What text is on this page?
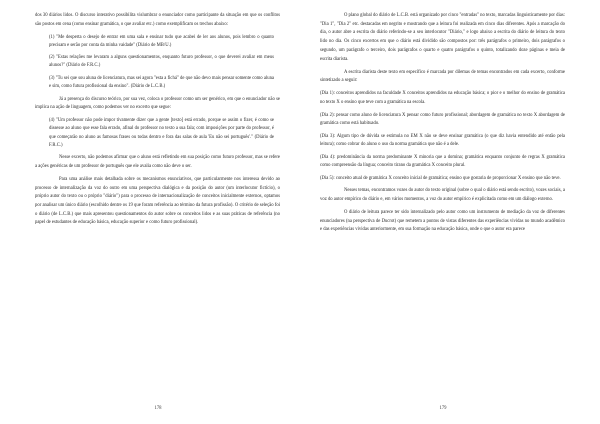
dos 30 diários lidos. O discurso interativo possibilita vislumbrar o enunciador como participante da situação em que os conflitos são postos em cena (como ensinar gramática, o que avaliar etc.) como exemplificam os trechos abaixo:

(1) "Me desperta o desejo de entrar em uma sala e ensinar tudo que acabei de ler aos alunos, pois lembro o quanto precisam e serão por conta da minha vaidade" (Diário de MB/U.)

(2) "Estas relações me levaram a alguns questionamentos, enquanto futuro professor, o que deverei avaliar em meus alunos?" (Diário de F.R.C.)

(3) "Tu sei que sou aluna de licenciatura, mas sei agora "esta a fichá" de que não devo mais pensar somente como aluna e sim, como futura profissional da ensino". (Diário de L.C.B.)

Já a presença do discurso teórico, por sua vez, coloca o professor como um ser genérico, em que o enunciador não se implica na ação de linguagem, como podemos ver no excerto que segue:

(4) "Um professor não pode impor tivamente dizer que a gente [texto] está errado, porque se assim o fizer, é como se dissesse ao aluno que esse fala errado, afinal do professor no texto a sua fala; com imposições por parte do professor, é que começarão no aluno as famosas frases ou todas dentro e fora das salas de aula 'Eu não sei português'." (Diário de F.R.C.)

Nesse excerto, não podemos afirmar que o aluno está refletindo em sua posição como futuro professor, mas se refere a ações genéricas de um professor de português que ele avalia como não deve o ser.

Para uma análise mais detalhada sobre os mecanismos enunciativos, que particularmente nos interessa devido ao processo de internalização da voz do outro em uma perspectiva dialógica e da posição do autor (um interlocutor fictício), o próprio autor do texto ou o próprio "diário") para o processo de internacionalização de conceitos inicialmente externos, optamos por analisar um único diário (escolhido dentre os 19 que foram referência ao término da futura profissão). O critério de seleção foi o diário (de L.C.B.) que mais apresentou questionamentos do autor sobre os conceitos lidos e as suas práticas de referência (no papel de estudantes de educação básica, educação superior e como futuro profissional).

O plano global do diário de L.C.B. está organizado por cinco "entradas" no texto, marcadas linguisticamente por dias: "Dia 1", "Dia 2" etc. destacadas em negrito e mostrando que a leitura foi realizada em cinco dias diferentes. Após a marcação do dia, o autor abre a escrita do diário referindo-se a seu interlocutor "Diário," e logo abaixo a escrita do diário de leitura do texto lido no dia. Os cinco excertos em que o diário está dividido são compostos por: três parágrafos o primeiro, dois parágrafos o segundo, um parágrafo o terceiro, dois parágrafos o quarto e quatro parágrafos o quinto, totalizando doze páginas e meia de escrita diarista.

A escrita diarista deste texto em específico é marcada por dilemas de temas encontrados em cada excerto, conforme sintetizado a seguir:

(Dia 1): conceitos aprendidos na faculdade X conceitos aprendidos na educação básica; o pior e o melhor do ensino de gramática no texto X o ensino que teve com a gramática na escola.

(Dia 2): pensar como aluno de licenciatura X pensar como futuro profissional; abordagem de gramática no texto X abordagem de gramática como está habituado.

(Dia 3): Algum tipo de dúvida se estimula no EM X não se deve ensinar gramática (o que diz havia entendido até então pela leitura); como cobrar do aluno o uso da norma gramática que não é a dele.

(Dia 4): predominância da norma predominante X minoria que a domina; gramática enquanto conjunto de regras X gramática como compreensão da língua; conceito tirano da gramática X conceito plural.

(Dia 5): conceito atual de gramática X conceito inicial de gramática; ensino que gostaria de proporcionar X ensino que não teve.

Nesses temas, encontramos vozes do autor do texto original (sobre o qual o diário está sendo escrito), vozes sociais, a voz do autor empírico do diário e, em vários momentos, a voz do autor empírico é explicitada como em um diálogo externo.

O diário de leitura parece ter sido internalizado pelo autor como um instrumento de mediação da voz de diferentes enunciadores (na perspectiva de Ducrot) que remetem a pontos de vistas diferentes das experiências vividas no mundo acadêmico e das experiências vividas anteriormente, em sua formação na educação básica, onde o que o autor era parece

178	179
